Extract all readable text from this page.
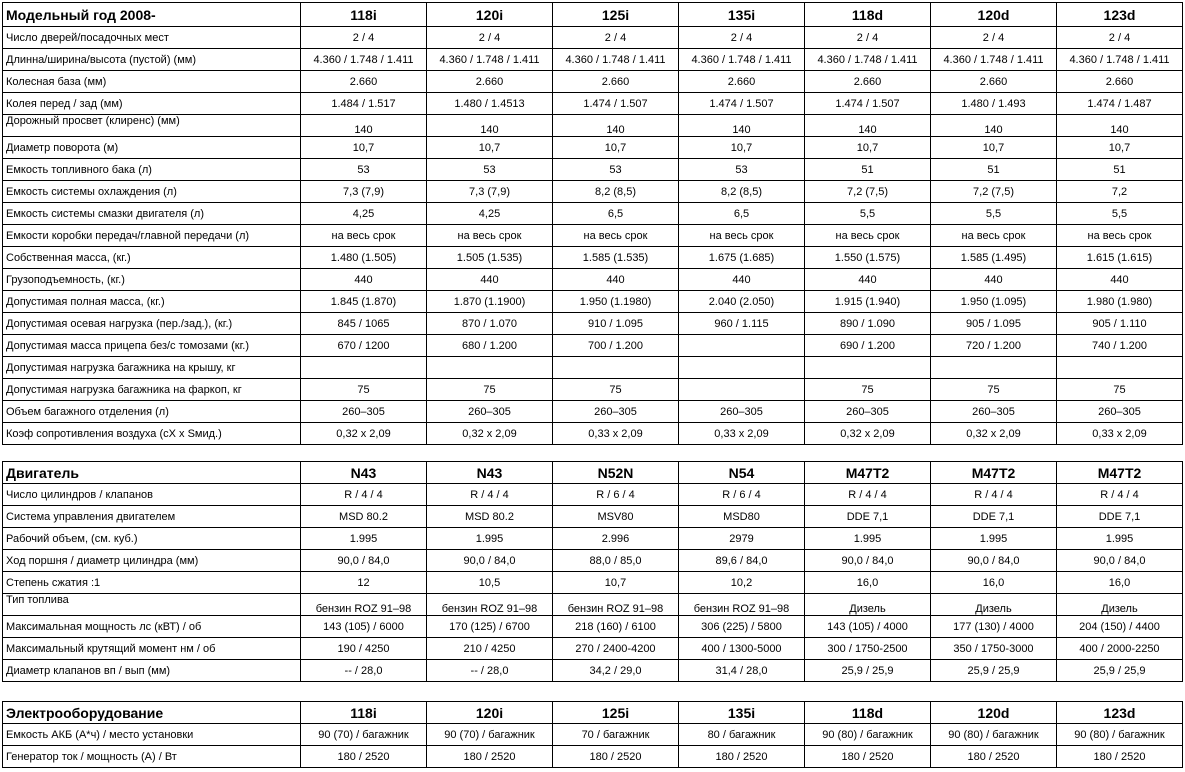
Модельный год 2008-	118i	120i	125i	135i	118d	120d	123d
Число дверей/посадочных мест	2 / 4	2 / 4	2 / 4	2 / 4	2 / 4	2 / 4	2 / 4
Длинна/ширина/высота (пустой) (мм)	4.360 / 1.748 / 1.411	4.360 / 1.748 / 1.411	4.360 / 1.748 / 1.411	4.360 / 1.748 / 1.411	4.360 / 1.748 / 1.411	4.360 / 1.748 / 1.411	4.360 / 1.748 / 1.411
Колесная база (мм)	2.660	2.660	2.660	2.660	2.660	2.660	2.660
Колея перед / зад (мм)	1.484 / 1.517	1.480 / 1.4513	1.474 / 1.507	1.474 / 1.507	1.474 / 1.507	1.480 / 1.493	1.474 / 1.487
Дорожный просвет (клиренс) (мм)	140	140	140	140	140	140	140
Диаметр поворота (м)	10,7	10,7	10,7	10,7	10,7	10,7	10,7
Емкость топливного бака (л)	53	53	53	53	51	51	51
Емкость системы охлаждения (л)	7,3 (7,9)	7,3 (7,9)	8,2 (8,5)	8,2 (8,5)	7,2 (7,5)	7,2 (7,5)	7,2
Емкость системы смазки двигателя (л)	4,25	4,25	6,5	6,5	5,5	5,5	5,5
Емкости коробки передач/главной передачи (л)	на весь срок	на весь срок	на весь срок	на весь срок	на весь срок	на весь срок	на весь срок
Собственная масса, (кг.)	1.480 (1.505)	1.505 (1.535)	1.585 (1.535)	1.675 (1.685)	1.550 (1.575)	1.585 (1.495)	1.615 (1.615)
Грузоподъемность, (кг.)	440	440	440	440	440	440	440
Допустимая полная масса, (кг.)	1.845 (1.870)	1.870 (1.1900)	1.950 (1.1980)	2.040 (2.050)	1.915 (1.940)	1.950 (1.095)	1.980 (1.980)
Допустимая осевая нагрузка (пер./зад.), (кг.)	845 / 1065	870 / 1.070	910 / 1.095	960 / 1.115	890 / 1.090	905 / 1.095	905 / 1.110
Допустимая масса прицепа без/с томозами (кг.)	670 / 1200	680 / 1.200	700 / 1.200		690 / 1.200	720 / 1.200	740 / 1.200
Допустимая нагрузка багажника на крышу, кг							
Допустимая нагрузка багажника на фаркоп, кг	75	75	75		75	75	75
Объем багажного отделения (л)	260–305	260–305	260–305	260–305	260–305	260–305	260–305
Коэф сопротивления воздуха (cX x Sмид.)	0,32 x 2,09	0,32 x 2,09	0,33 x 2,09	0,33 x 2,09	0,32 x 2,09	0,32 x 2,09	0,33 x 2,09
Двигатель	N43	N43	N52N	N54	M47T2	M47T2	M47T2
Число цилиндров / клапанов	R / 4 / 4	R / 4 / 4	R / 6 / 4	R / 6 / 4	R / 4 / 4	R / 4 / 4	R / 4 / 4
Система управления двигателем	MSD 80.2	MSD 80.2	MSV80	MSD80	DDE 7,1	DDE 7,1	DDE 7,1
Рабочий объем, (см. куб.)	1.995	1.995	2.996	2979	1.995	1.995	1.995
Ход поршня / диаметр цилиндра (мм)	90,0 / 84,0	90,0 / 84,0	88,0 / 85,0	89,6 / 84,0	90,0 / 84,0	90,0 / 84,0	90,0 / 84,0
Степень сжатия :1	12	10,5	10,7	10,2	16,0	16,0	16,0
Тип топлива	бензин ROZ 91–98	бензин ROZ 91–98	бензин ROZ 91–98	бензин ROZ 91–98	Дизель	Дизель	Дизель
Максимальная мощность лс (кВТ) / об	143 (105) / 6000	170 (125) / 6700	218 (160) / 6100	306 (225) / 5800	143 (105) / 4000	177 (130) / 4000	204 (150) / 4400
Максимальный крутящий момент нм / об	190 / 4250	210 / 4250	270 / 2400-4200	400 / 1300-5000	300 / 1750-2500	350 / 1750-3000	400 / 2000-2250
Диаметр клапанов вп / вып (мм)	-- / 28,0	-- / 28,0	34,2 / 29,0	31,4 / 28,0	25,9 / 25,9	25,9 / 25,9	25,9 / 25,9
Электрооборудование	118i	120i	125i	135i	118d	120d	123d
Емкость АКБ (А*ч) / место установки	90 (70) / багажник	90 (70) / багажник	70 / багажник	80 / багажник	90 (80) / багажник	90 (80) / багажник	90 (80) / багажник
Генератор ток / мощность (А) / Вт	180 / 2520	180 / 2520	180 / 2520	180 / 2520	180 / 2520	180 / 2520	180 / 2520
